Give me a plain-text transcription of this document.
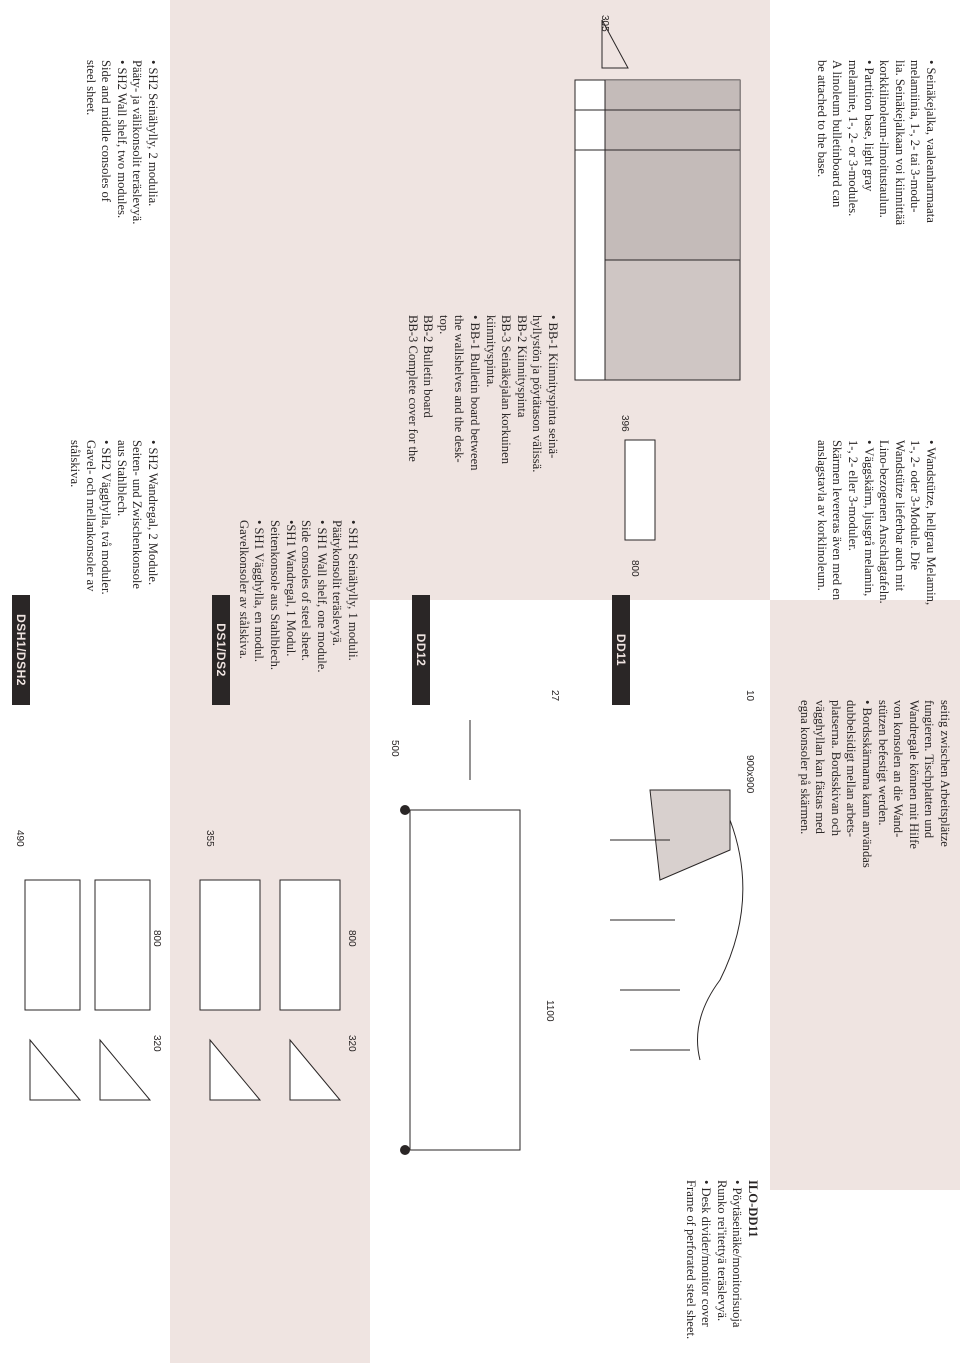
• Seinäkejalka, vaaleanharmaata
melamiinia, 1-, 2- tai 3-modu-
lia. Seinäkejalkaan voi kiinnittää
korkkilinoleum-ilmoitustaulun.
• Partition base, light gray
melamine, 1-, 2- or 3-modules.
A linoleum bulletinboard can
be attached to the base.
• Wandstütze, hellgrau Melamin,
1-, 2- oder 3-Module. Die
Wandstütze lieferbar auch mit
Lino-bezogenen Anschlagtafeln.
• Väggskärm, ljusgrå melamin,
1-, 2- eller 3-moduler.
Skärmen levereras även med en
anslagstavla av korklinoleum.
seitig zwischen Arbeitsplätze
fungieren. Tischplatten und
Wandregale können mit Hilfe
von konsolen an die Wand-
stützen befestigt werden.
• Bordsskärmarna kann användas
dubbelsidigt mellan arbets-
platserna. Bordsskivan och
vägghyllan kan fästas med
egna konsoler på skärmen.
305
396
800
DD11
10
900x900
ILO-DD11
• Pöytäseinäke/monitorisuoja
Runko rei'itettyä teräslevyä.
• Desk divider/monitor cover
Frame of perforated steel sheet.
• BB-1 Kiinnityspinta seinä-
hyllystön ja pöytätason välissä.
BB-2 Kiinnityspinta
BB-3 Seinäkejalan korkuinen
kiinnityspinta.
• BB-1 Bulletin board between
the wallshelves and the desk-
top.
BB-2 Bulletin board
BB-3 Complete cover for the
DD12
27
500
1100
• SH1 Seinähylly, 1 moduli.
Päätykonsolit teräslevyä.
• SH1 Wall shelf, one module.
Side consoles of steel sheet.
•SH1 Wandregal, 1 Modul.
Seitenkonsole aus Stahlblech.
• SH1 Vägghylla, en modul.
Gavelkonsoler av stålskiva.
DS1/DS2
355
800
320
• SH2 Seinähylly, 2 modulia.
Pääty- ja välikonsolit teräslevyä.
• SH2 Wall shelf, two modules.
Side and middle consoles of
steel sheet.
• SH2 Wandregal, 2 Module.
Seiten- und Zwischenkonsole
aus Stahlblech.
• SH2 Vägghylla, två moduler.
Gavel- och mellankonsoler av
stålskiva.
DSH1/DSH2
490
800
320
